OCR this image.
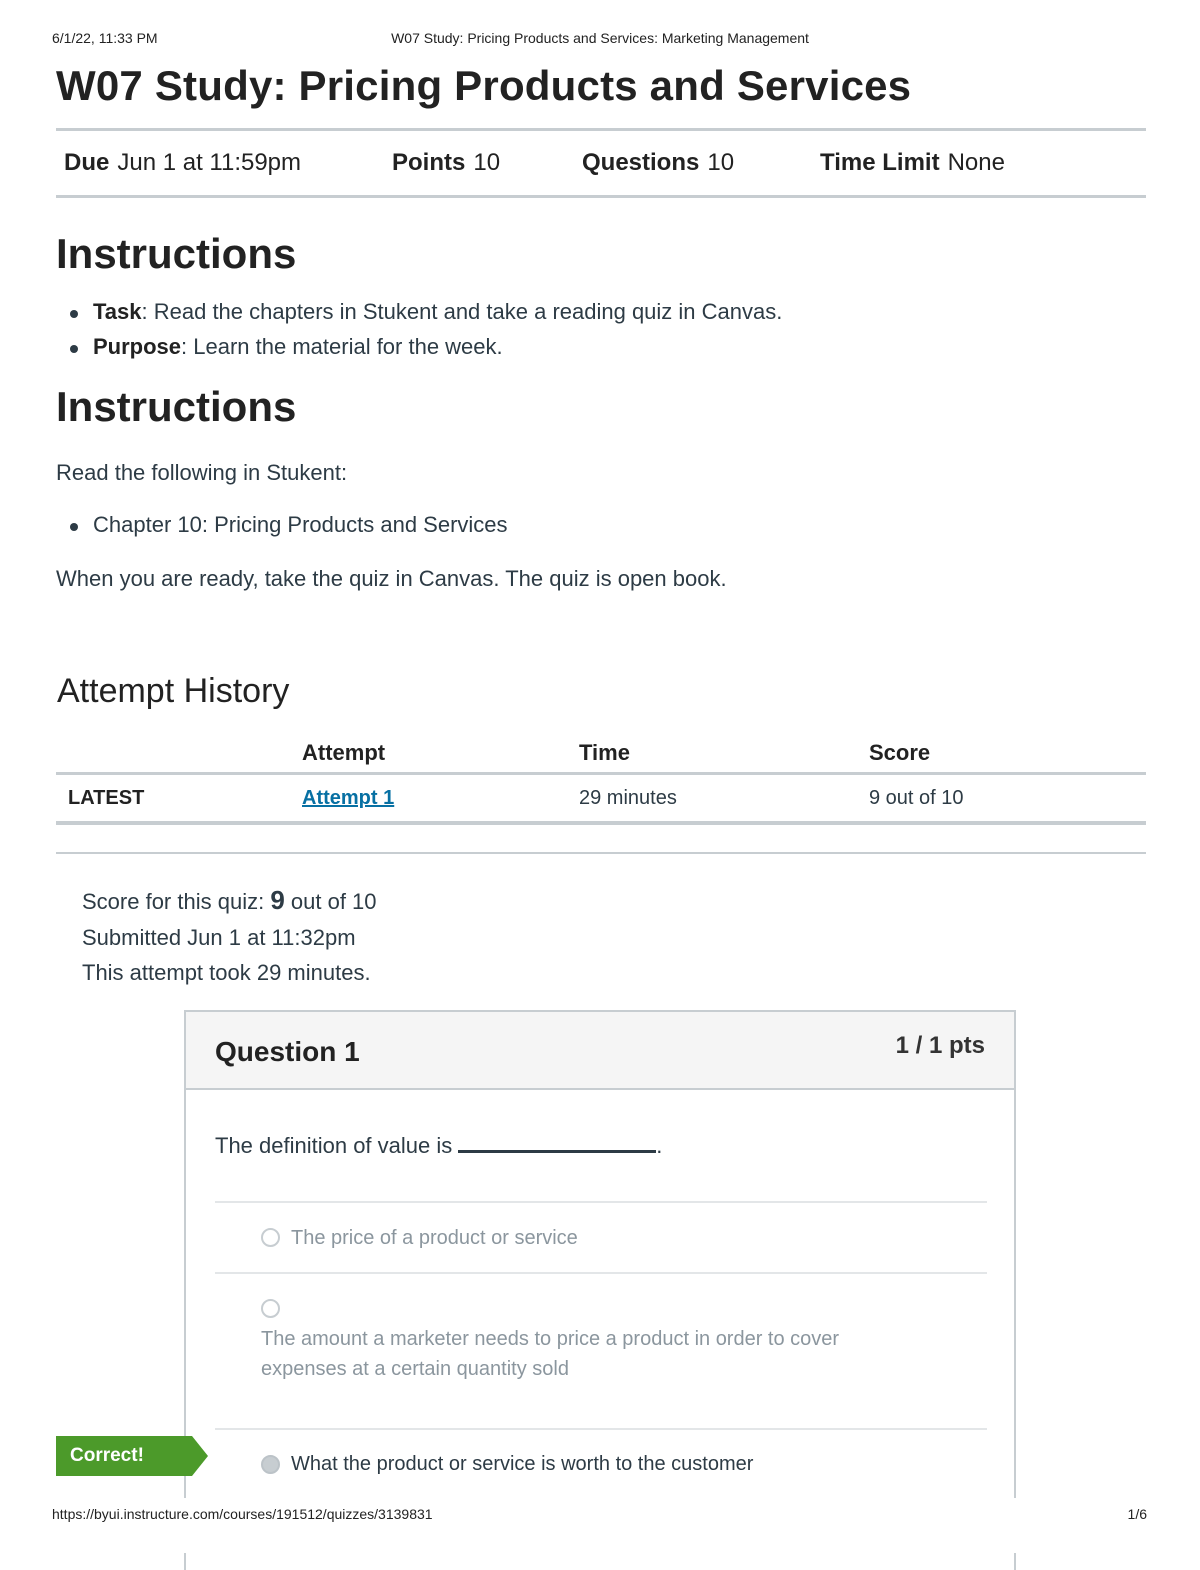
6/1/22, 11:33 PM	W07 Study: Pricing Products and Services: Marketing Management
W07 Study: Pricing Products and Services
Due Jun 1 at 11:59pm	Points 10	Questions 10	Time Limit None
Instructions
Task: Read the chapters in Stukent and take a reading quiz in Canvas.
Purpose: Learn the material for the week.
Instructions
Read the following in Stukent:
Chapter 10: Pricing Products and Services
When you are ready, take the quiz in Canvas. The quiz is open book.
Attempt History
	Attempt	Time	Score
LATEST	Attempt 1	29 minutes	9 out of 10
Score for this quiz: 9 out of 10
Submitted Jun 1 at 11:32pm
This attempt took 29 minutes.
Question 1	1 / 1 pts
The definition of value is	.
The price of a product or service
The amount a marketer needs to price a product in order to cover expenses at a certain quantity sold
What the product or service is worth to the customer
Correct!
https://byui.instructure.com/courses/191512/quizzes/3139831	1/6
